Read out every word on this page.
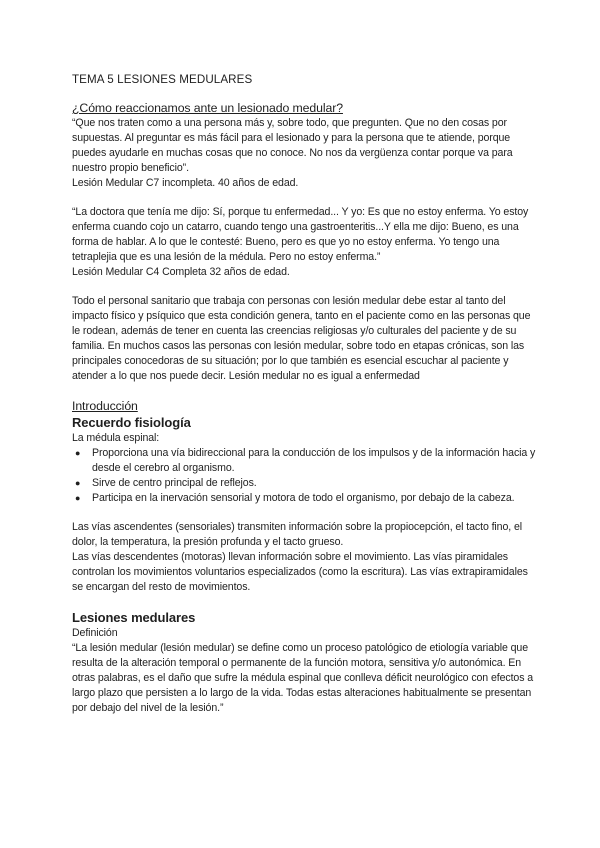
TEMA 5 LESIONES MEDULARES

¿Cómo reaccionamos ante un lesionado medular?

“Que nos traten como a una persona más y, sobre todo, que pregunten. Que no den cosas por supuestas. Al preguntar es más fácil para el lesionado y para la persona que te atiende, porque puedes ayudarle en muchas cosas que no conoce. No nos da vergüenza contar porque va para nuestro propio beneficio”.

Lesión Medular C7 incompleta. 40 años de edad.

“La doctora que tenía me dijo: Sí, porque tu enfermedad... Y yo: Es que no estoy enferma. Yo estoy enferma cuando cojo un catarro, cuando tengo una gastroenteritis...Y ella me dijo: Bueno, es una forma de hablar. A lo que le contesté: Bueno, pero es que yo no estoy enferma. Yo tengo una tetraplejia que es una lesión de la médula. Pero no estoy enferma.”

Lesión Medular C4 Completa 32 años de edad.

Todo el personal sanitario que trabaja con personas con lesión medular debe estar al tanto del impacto físico y psíquico que esta condición genera, tanto en el paciente como en las personas que le rodean, además de tener en cuenta las creencias religiosas y/o culturales del paciente y de su familia. En muchos casos las personas con lesión medular, sobre todo en etapas crónicas, son las principales conocedoras de su situación; por lo que también es esencial escuchar al paciente y atender a lo que nos puede decir. Lesión medular no es igual a enfermedad

Introducción

Recuerdo fisiología

La médula espinal:

● Proporciona una vía bidireccional para la conducción de los impulsos y de la información hacia y desde el cerebro al organismo.
● Sirve de centro principal de reflejos.
● Participa en la inervación sensorial y motora de todo el organismo, por debajo de la cabeza.

Las vías ascendentes (sensoriales) transmiten información sobre la propiocepción, el tacto fino, el dolor, la temperatura, la presión profunda y el tacto grueso.

Las vías descendentes (motoras) llevan información sobre el movimiento. Las vías piramidales controlan los movimientos voluntarios especializados (como la escritura). Las vías extrapiramidales se encargan del resto de movimientos.

Lesiones medulares

Definición

“La lesión medular (lesión medular) se define como un proceso patológico de etiología variable que resulta de la alteración temporal o permanente de la función motora, sensitiva y/o autonómica. En otras palabras, es el daño que sufre la médula espinal que conlleva déficit neurológico con efectos a largo plazo que persisten a lo largo de la vida. Todas estas alteraciones habitualmente se presentan por debajo del nivel de la lesión.”
